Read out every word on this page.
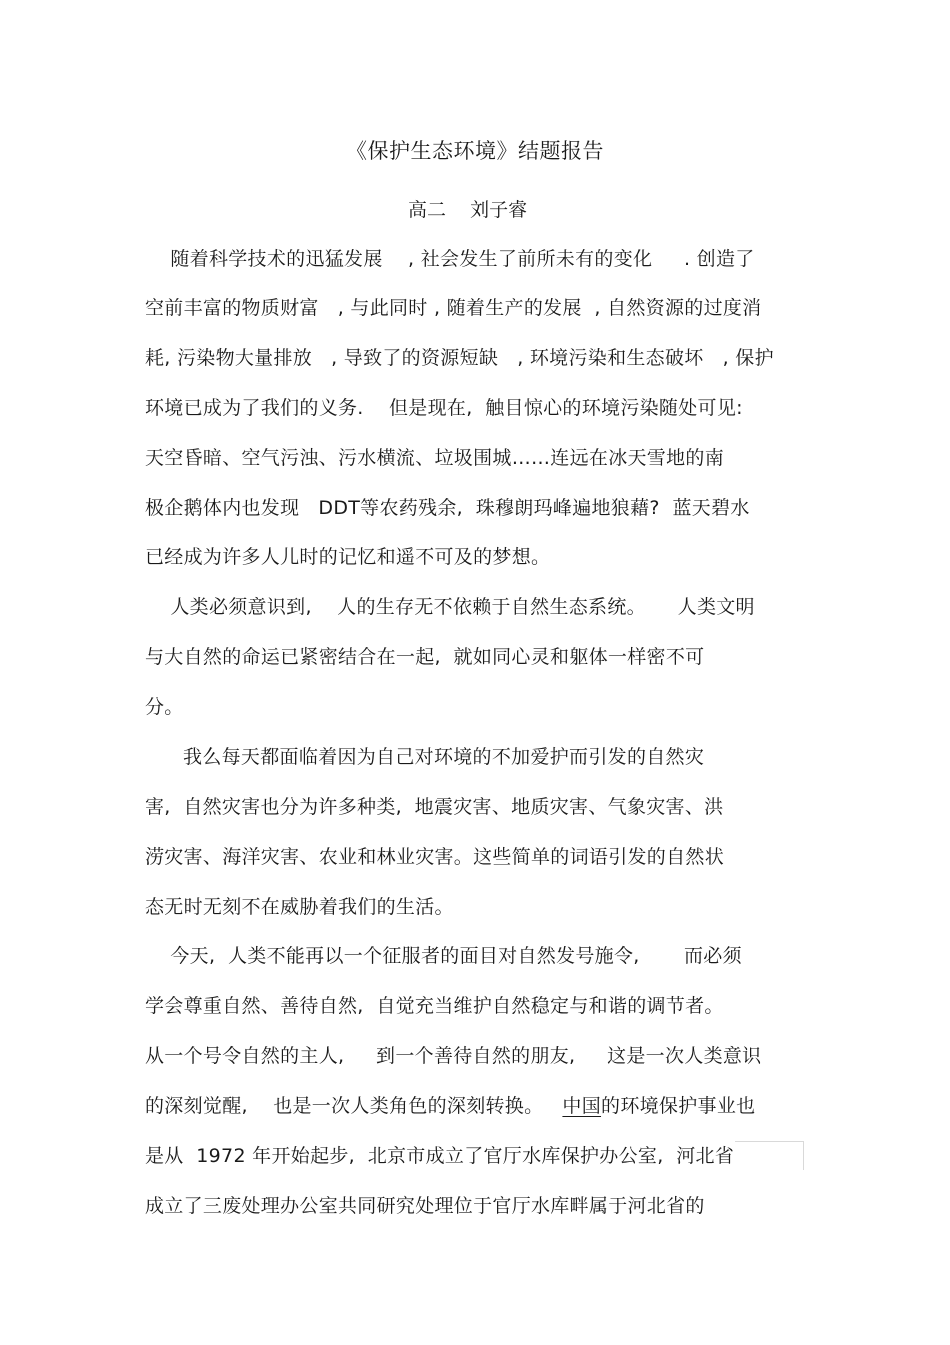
《保护生态环境》结题报告
高二    刘子睿
随着科学技术的迅猛发展    , 社会发生了前所未有的变化     . 创造了
空前丰富的物质财富   , 与此同时 , 随着生产的发展  , 自然资源的过度消
耗, 污染物大量排放   , 导致了的资源短缺   , 环境污染和生态破坏   , 保护
环境已成为了我们的义务.    但是现在,  触目惊心的环境污染随处可见:
天空昏暗、空气污浊、污水横流、垃圾围城……连远在冰天雪地的南
极企鹅体内也发现   DDT等农药残余,  珠穆朗玛峰遍地狼藉?  蓝天碧水
已经成为许多人儿时的记忆和遥不可及的梦想。
人类必须意识到,    人的生存无不依赖于自然生态系统。     人类文明
与大自然的命运已紧密结合在一起,  就如同心灵和躯体一样密不可
分。
我么每天都面临着因为自己对环境的不加爱护而引发的自然灾
害,  自然灾害也分为许多种类,  地震灾害、地质灾害、气象灾害、洪
涝灾害、海洋灾害、农业和林业灾害。这些简单的词语引发的自然状
态无时无刻不在威胁着我们的生活。
今天,  人类不能再以一个征服者的面目对自然发号施令,       而必须
学会尊重自然、善待自然,  自觉充当维护自然稳定与和谐的调节者。
从一个号令自然的主人,     到一个善待自然的朋友,     这是一次人类意识
的深刻觉醒,    也是一次人类角色的深刻转换。   中国的环境保护事业也
是从  1972 年开始起步,  北京市成立了官厅水库保护办公室,  河北省
成立了三废处理办公室共同研究处理位于官厅水库畔属于河北省的
